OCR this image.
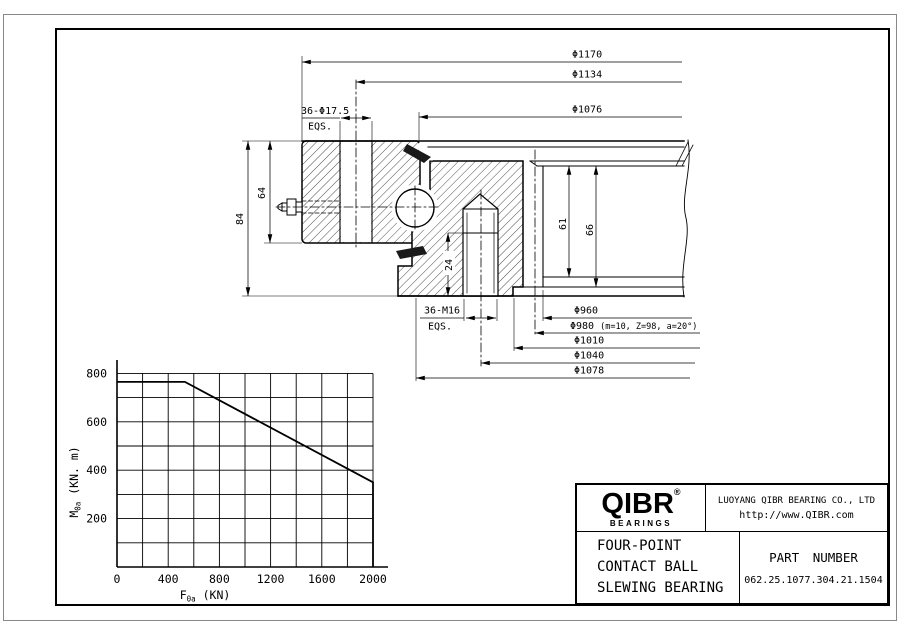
Φ1170
Φ1134
Φ1076
36-Φ17.5
EQS.
84
64
24
61 66
36-M16
EQS.
Φ960
Φ980 (m=10, Z=98, a=20°)
Φ1010
Φ1040
Φ1078
0	400	800 1200 1600 2000
200
400
600
800
$F_{0a}$ (KN)
$M_{0a}$ (KN. m)
QIBR®
BEARINGS
LUOYANG QIBR BEARING CO., LTD
http://www.QIBR.com
FOUR-POINT
CONTACT BALL
SLEWING BEARING
PART NUMBER
062.25.1077.304.21.1504
